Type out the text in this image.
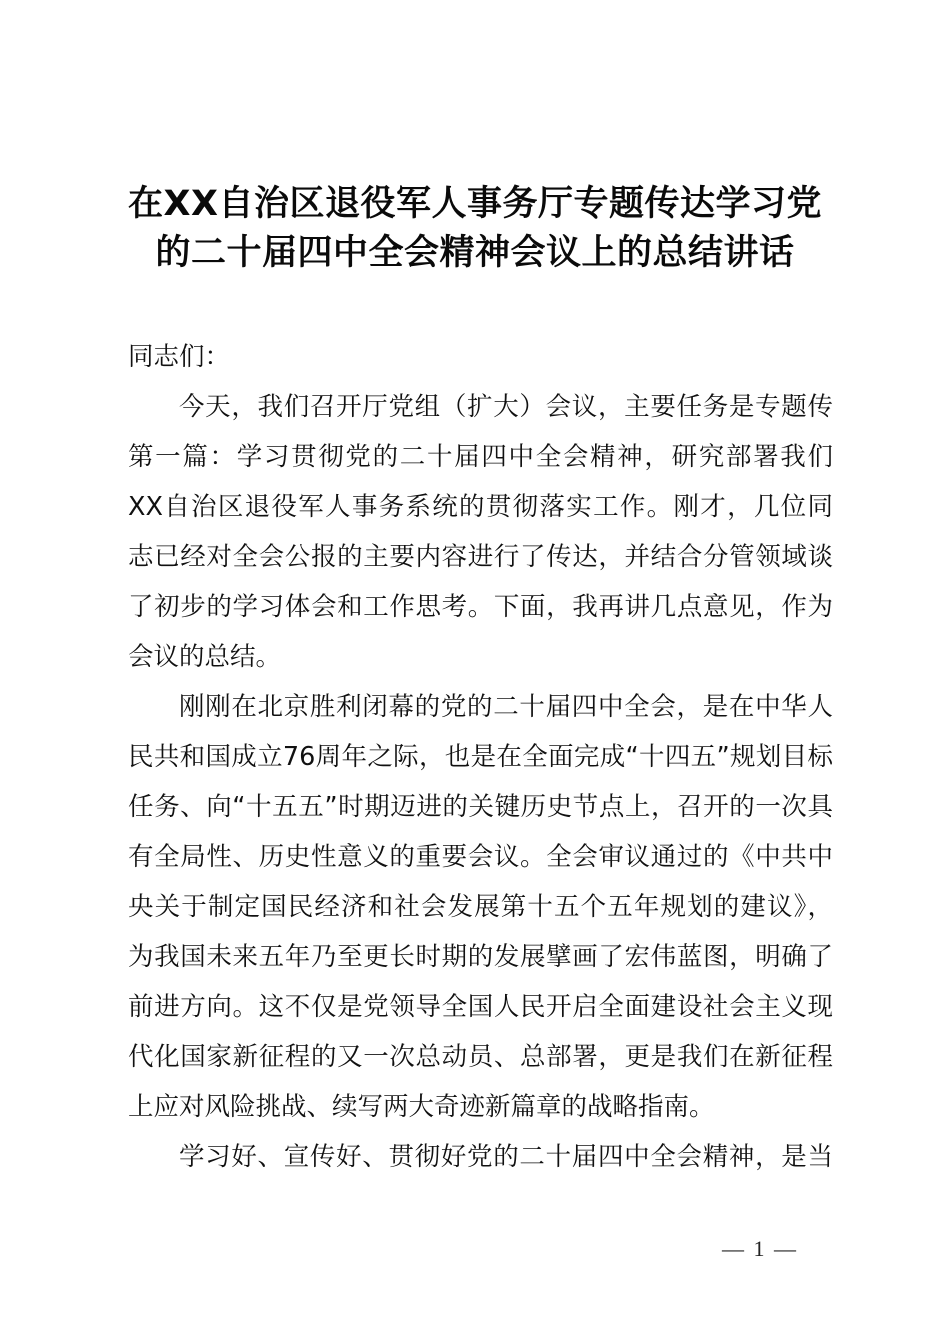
在XX自治区退役军人事务厅专题传达学习党
的二十届四中全会精神会议上的总结讲话
同志们：
今天，我们召开厅党组（扩大）会议，主要任务是专题传
第一篇：学习贯彻党的二十届四中全会精神，研究部署我们
XX自治区退役军人事务系统的贯彻落实工作。刚才，几位同
志已经对全会公报的主要内容进行了传达，并结合分管领域谈
了初步的学习体会和工作思考。下面，我再讲几点意见，作为
会议的总结。
刚刚在北京胜利闭幕的党的二十届四中全会，是在中华人
民共和国成立76周年之际，也是在全面完成“十四五”规划目标
任务、向“十五五”时期迈进的关键历史节点上，召开的一次具
有全局性、历史性意义的重要会议。全会审议通过的《中共中
央关于制定国民经济和社会发展第十五个五年规划的建议》，
为我国未来五年乃至更长时期的发展擘画了宏伟蓝图，明确了
前进方向。这不仅是党领导全国人民开启全面建设社会主义现
代化国家新征程的又一次总动员、总部署，更是我们在新征程
上应对风险挑战、续写两大奇迹新篇章的战略指南。
学习好、宣传好、贯彻好党的二十届四中全会精神，是当
— 1 —
